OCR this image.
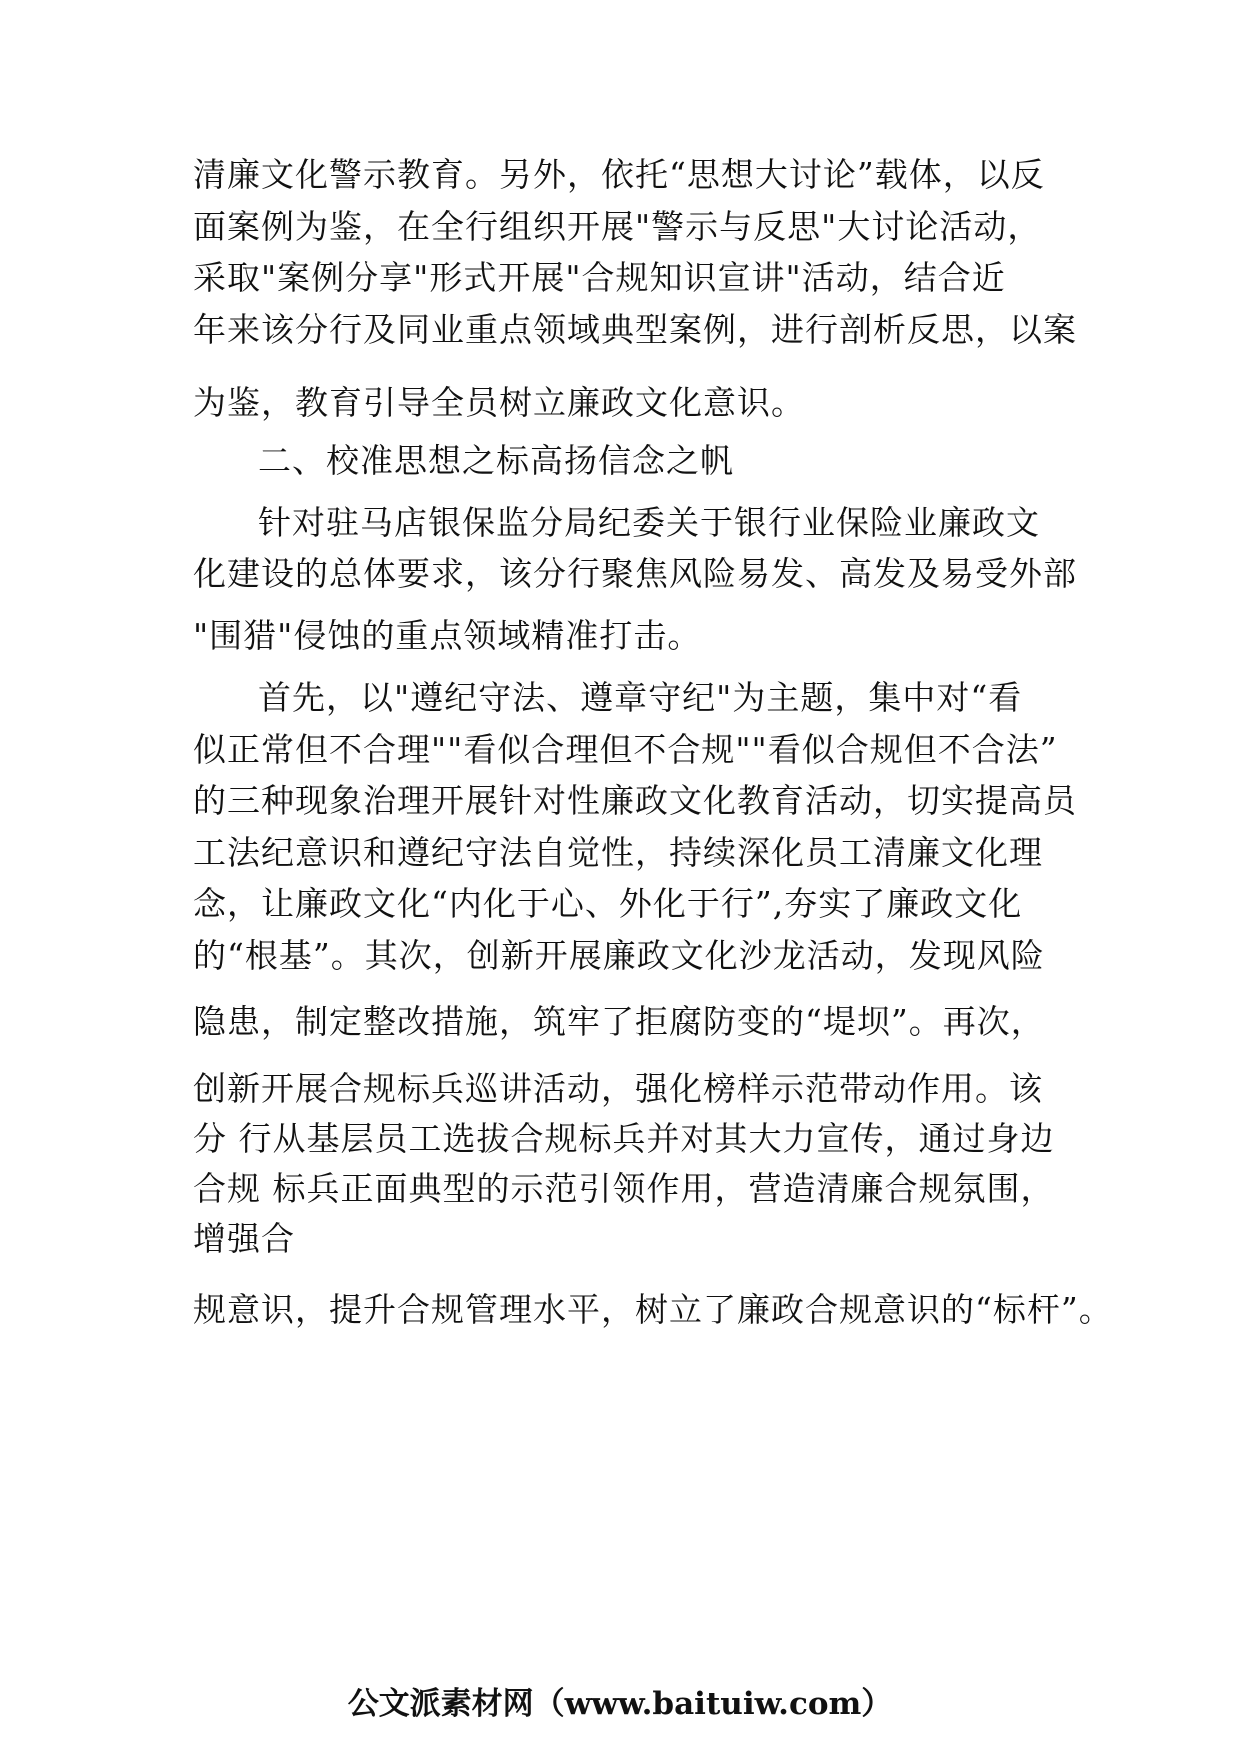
清廉文化警示教育。另外，依托“思想大讨论”载体，以反
面案例为鉴，在全行组织开展"警示与反思"大讨论活动，
采取"案例分享"形式开展"合规知识宣讲"活动，结合近
年来该分行及同业重点领域典型案例，进行剖析反思，以案
为鉴，教育引导全员树立廉政文化意识。
二、校准思想之标高扬信念之帆
针对驻马店银保监分局纪委关于银行业保险业廉政文
化建设的总体要求，该分行聚焦风险易发、高发及易受外部
"围猎"侵蚀的重点领域精准打击。
首先，以"遵纪守法、遵章守纪"为主题，集中对“看
似正常但不合理""看似合理但不合规""看似合规但不合法”
的三种现象治理开展针对性廉政文化教育活动，切实提高员
工法纪意识和遵纪守法自觉性，持续深化员工清廉文化理
念，让廉政文化“内化于心、外化于行”,夯实了廉政文化
的“根基”。其次，创新开展廉政文化沙龙活动，发现风险
隐患，制定整改措施，筑牢了拒腐防变的“堤坝”。再次，
创新开展合规标兵巡讲活动，强化榜样示范带动作用。该
分 行从基层员工选拔合规标兵并对其大力宣传，通过身边
合规 标兵正面典型的示范引领作用，营造清廉合规氛围，
增强合
规意识，提升合规管理水平，树立了廉政合规意识的“标杆”。
公文派素材网（www.baituiw.com）
